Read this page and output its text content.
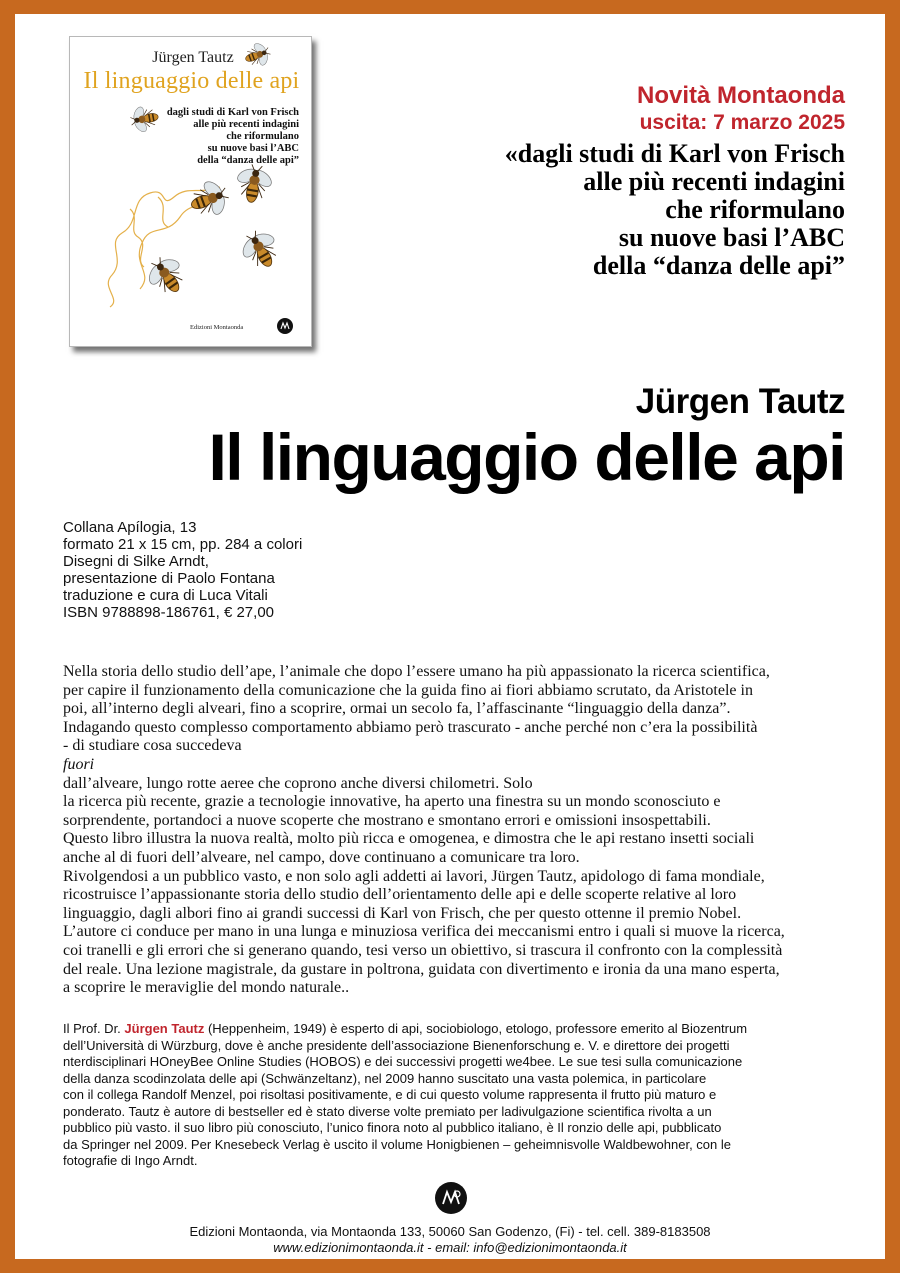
Jürgen Tautz
Il linguaggio delle api
dagli studi di Karl von Frisch
alle più recenti indagini
che riformulano
su nuove basi l’ABC
della “danza delle api”
Edizioni Montaonda
Novità Montaonda
uscita: 7 marzo 2025
«dagli studi di Karl von Frisch
alle più recenti indagini
che riformulano
su nuove basi l’ABC
della “danza delle api”
Jürgen Tautz
Il linguaggio delle api
Collana Apílogia, 13
formato 21 x 15 cm, pp. 284 a colori
Disegni di Silke Arndt,
presentazione di Paolo Fontana
traduzione e cura di Luca Vitali
ISBN 9788898-186761, € 27,00
Nella storia dello studio dell’ape, l’animale che dopo l’essere umano ha più appassionato la ricerca scientifica,
per capire il funzionamento della comunicazione che la guida fino ai fiori abbiamo scrutato, da Aristotele in
poi, all’interno degli alveari, fino a scoprire, ormai un secolo fa, l’affascinante “linguaggio della danza”.
Indagando questo complesso comportamento abbiamo però trascurato - anche perché non c’era la possibilità
- di studiare cosa succedeva
fuori
dall’alveare, lungo rotte aeree che coprono anche diversi chilometri. Solo
la ricerca più recente, grazie a tecnologie innovative, ha aperto una finestra su un mondo sconosciuto e
sorprendente, portandoci a nuove scoperte che mostrano e smontano errori e omissioni insospettabili.
Questo libro illustra la nuova realtà, molto più ricca e omogenea, e dimostra che le api restano insetti sociali
anche al di fuori dell’alveare, nel campo, dove continuano a comunicare tra loro.
Rivolgendosi a un pubblico vasto, e non solo agli addetti ai lavori, Jürgen Tautz, apidologo di fama mondiale,
ricostruisce l’appassionante storia dello studio dell’orientamento delle api e delle scoperte relative al loro
linguaggio, dagli albori fino ai grandi successi di Karl von Frisch, che per questo ottenne il premio Nobel.
L’autore ci conduce per mano in una lunga e minuziosa verifica dei meccanismi entro i quali si muove la ricerca,
coi tranelli e gli errori che si generano quando, tesi verso un obiettivo, si trascura il confronto con la complessità
del reale. Una lezione magistrale, da gustare in poltrona, guidata con divertimento e ironia da una mano esperta,
a scoprire le meraviglie del mondo naturale..
Il Prof. Dr. Jürgen Tautz (Heppenheim, 1949) è esperto di api, sociobiologo, etologo, professore emerito al Biozentrum
dell’Università di Würzburg, dove è anche presidente dell’associazione Bienenforschung e. V. e direttore dei progetti
nterdisciplinari HOneyBee Online Studies (HOBOS) e dei successivi progetti we4bee. Le sue tesi sulla comunicazione
della danza scodinzolata delle api (Schwänzeltanz), nel 2009 hanno suscitato una vasta polemica, in particolare
con il collega Randolf Menzel, poi risoltasi positivamente, e di cui questo volume rappresenta il frutto più maturo e
ponderato. Tautz è autore di bestseller ed è stato diverse volte premiato per ladivulgazione scientifica rivolta a un
pubblico più vasto. il suo libro più conosciuto, l’unico finora noto al pubblico italiano, è Il ronzio delle api, pubblicato
da Springer nel 2009. Per Knesebeck Verlag è uscito il volume Honigbienen – geheimnisvolle Waldbewohner, con le
fotografie di Ingo Arndt.
Edizioni Montaonda, via Montaonda 133, 50060 San Godenzo, (Fi) - tel. cell. 389-8183508
www.edizionimontaonda.it - email: info@edizionimontaonda.it
